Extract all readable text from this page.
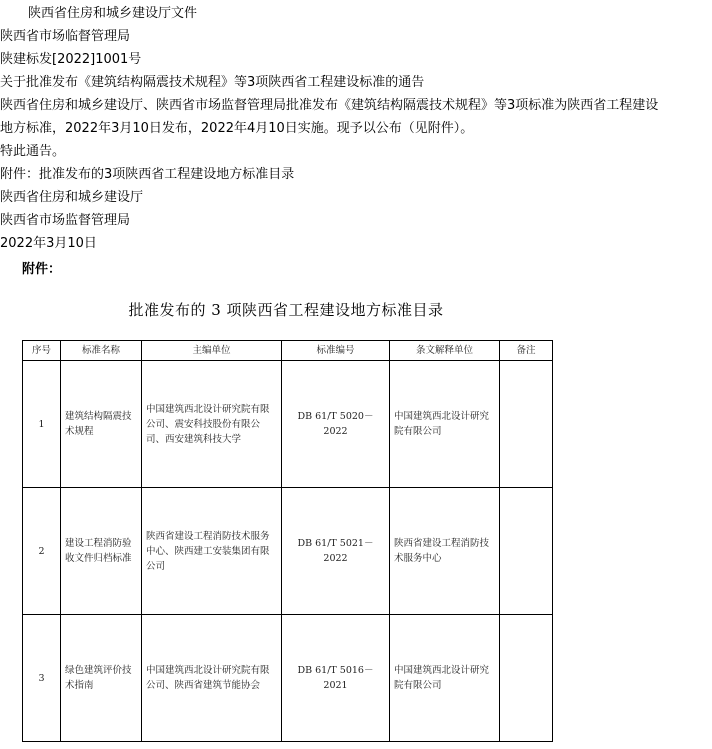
陕西省住房和城乡建设厅文件
陕西省市场临督管理局
陕建标发[2022]1001号
关于批准发布《建筑结构隔震技术规程》等3项陕西省工程建设标准的通告
陕西省住房和城乡建设厅、陕西省市场监督管理局批准发布《建筑结构隔震技术规程》等3项标准为陕西省工程建设
地方标准，2022年3月10日发布，2022年4月10日实施。现予以公布（见附件）。
特此通告。
附件：批准发布的3项陕西省工程建设地方标准目录
陕西省住房和城乡建设厅
陕西省市场监督管理局
2022年3月10日
附件：
批准发布的 3 项陕西省工程建设地方标准目录
序号	标准名称	主编单位	标准编号	条文解释单位	备注
1	建筑结构隔震技术规程	中国建筑西北设计研究院有限公司、震安科技股份有限公司、西安建筑科技大学	DB 61/T 5020－2022	中国建筑西北设计研究院有限公司	
2	建设工程消防验收文件归档标准	陕西省建设工程消防技术服务中心、陕西建工安装集团有限公司	DB 61/T 5021－2022	陕西省建设工程消防技术服务中心	
3	绿色建筑评价技术指南	中国建筑西北设计研究院有限公司、陕西省建筑节能协会	DB 61/T 5016－2021	中国建筑西北设计研究院有限公司	
